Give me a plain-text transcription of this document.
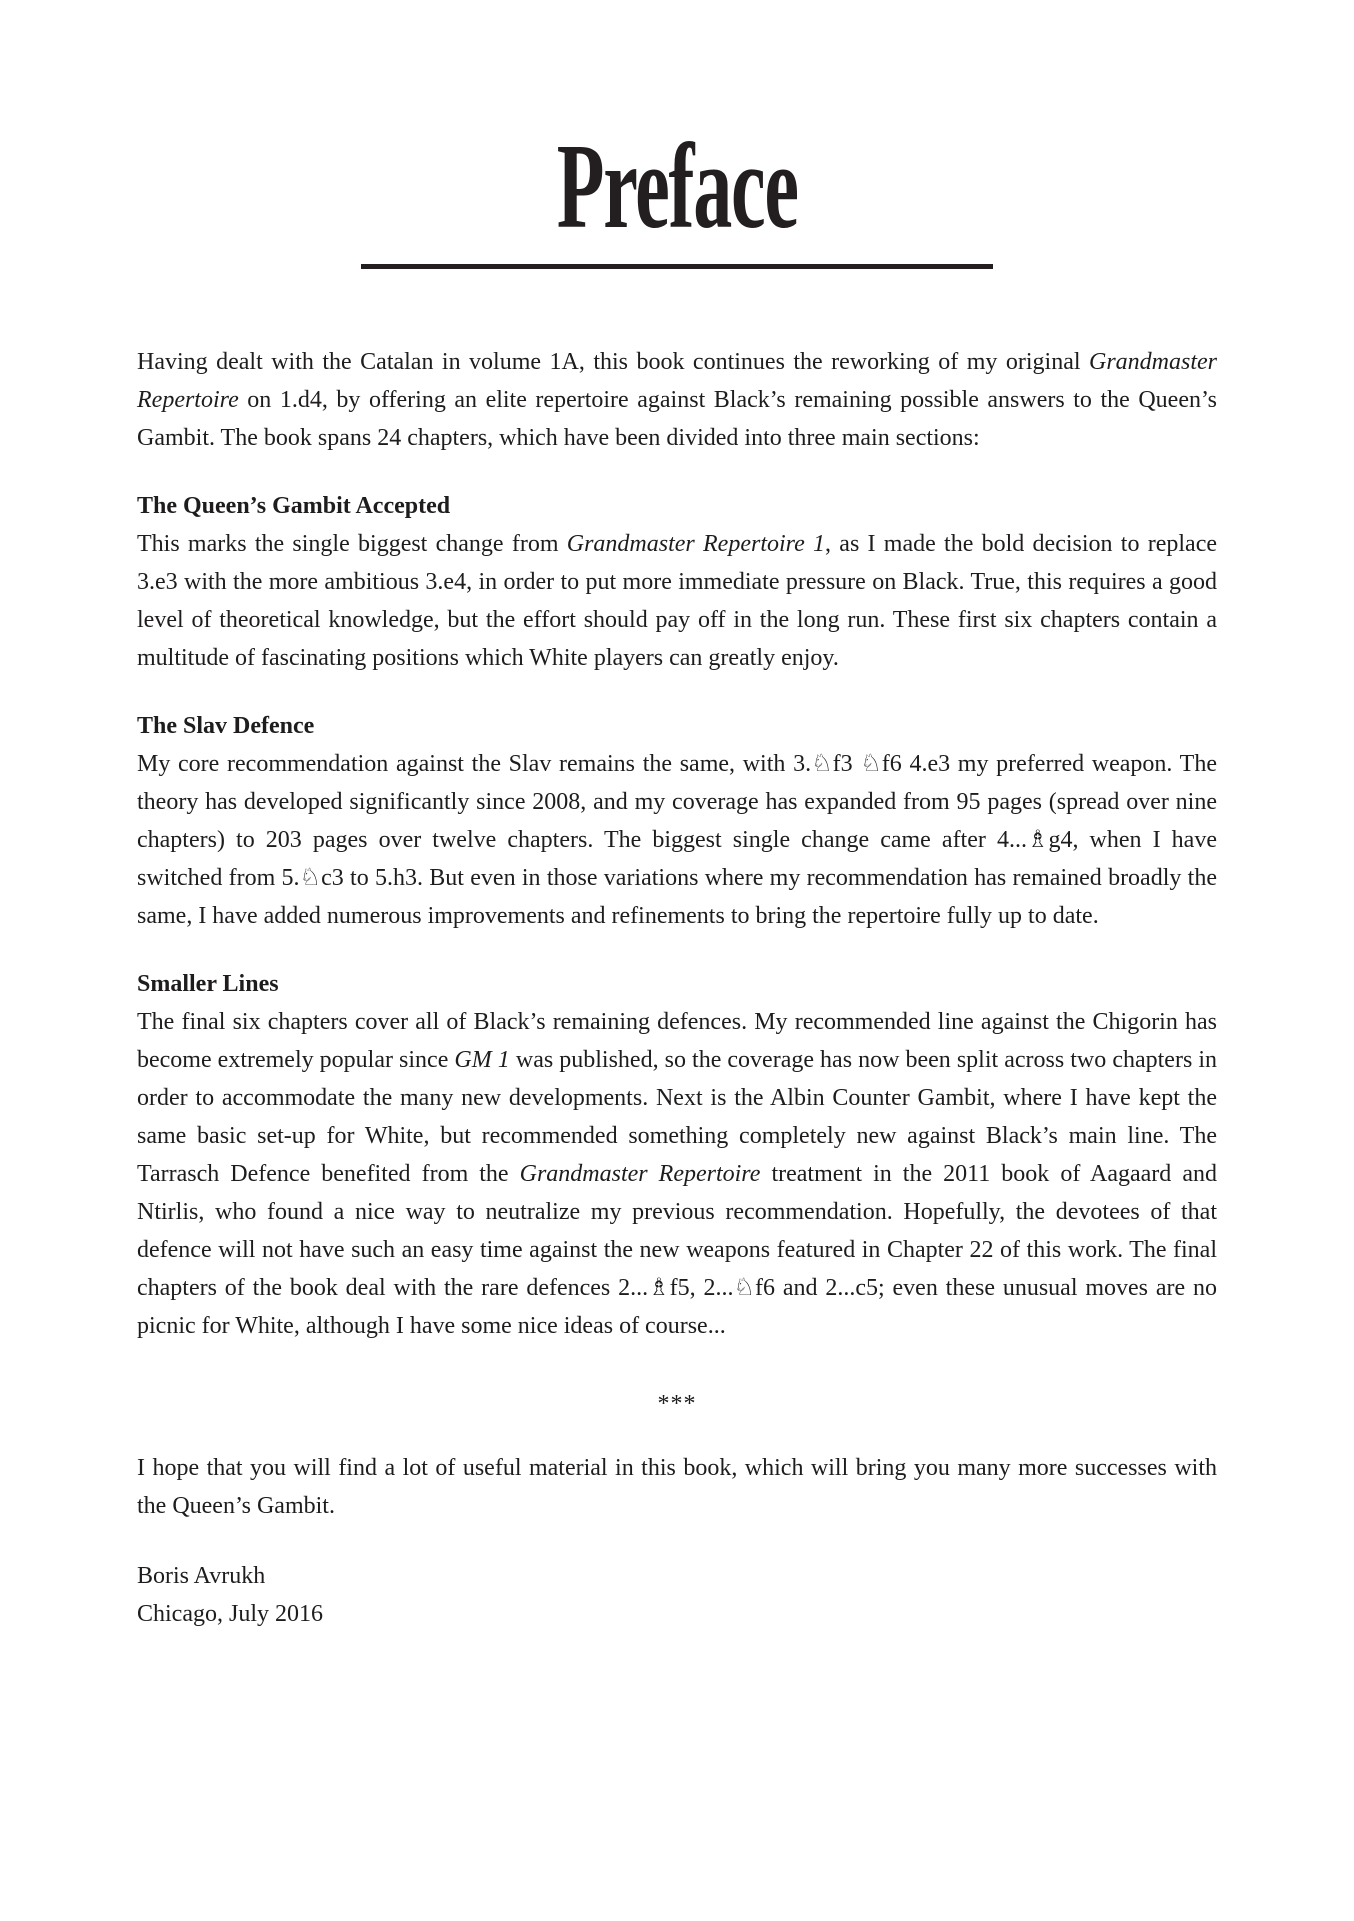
Preface

Having dealt with the Catalan in volume 1A, this book continues the reworking of my original Grandmaster Repertoire on 1.d4, by offering an elite repertoire against Black’s remaining possible answers to the Queen’s Gambit. The book spans 24 chapters, which have been divided into three main sections:

The Queen’s Gambit Accepted

This marks the single biggest change from Grandmaster Repertoire 1, as I made the bold decision to replace 3.e3 with the more ambitious 3.e4, in order to put more immediate pressure on Black. True, this requires a good level of theoretical knowledge, but the effort should pay off in the long run. These first six chapters contain a multitude of fascinating positions which White players can greatly enjoy.

The Slav Defence

My core recommendation against the Slav remains the same, with 3.♘f3 ♘f6 4.e3 my preferred weapon. The theory has developed significantly since 2008, and my coverage has expanded from 95 pages (spread over nine chapters) to 203 pages over twelve chapters. The biggest single change came after 4...♗g4, when I have switched from 5.♘c3 to 5.h3. But even in those variations where my recommendation has remained broadly the same, I have added numerous improvements and refinements to bring the repertoire fully up to date.

Smaller Lines

The final six chapters cover all of Black’s remaining defences. My recommended line against the Chigorin has become extremely popular since GM 1 was published, so the coverage has now been split across two chapters in order to accommodate the many new developments. Next is the Albin Counter Gambit, where I have kept the same basic set-up for White, but recommended something completely new against Black’s main line. The Tarrasch Defence benefited from the Grandmaster Repertoire treatment in the 2011 book of Aagaard and Ntirlis, who found a nice way to neutralize my previous recommendation. Hopefully, the devotees of that defence will not have such an easy time against the new weapons featured in Chapter 22 of this work. The final chapters of the book deal with the rare defences 2...♗f5, 2...♘f6 and 2...c5; even these unusual moves are no picnic for White, although I have some nice ideas of course...

***

I hope that you will find a lot of useful material in this book, which will bring you many more successes with the Queen’s Gambit.

Boris Avrukh
Chicago, July 2016
